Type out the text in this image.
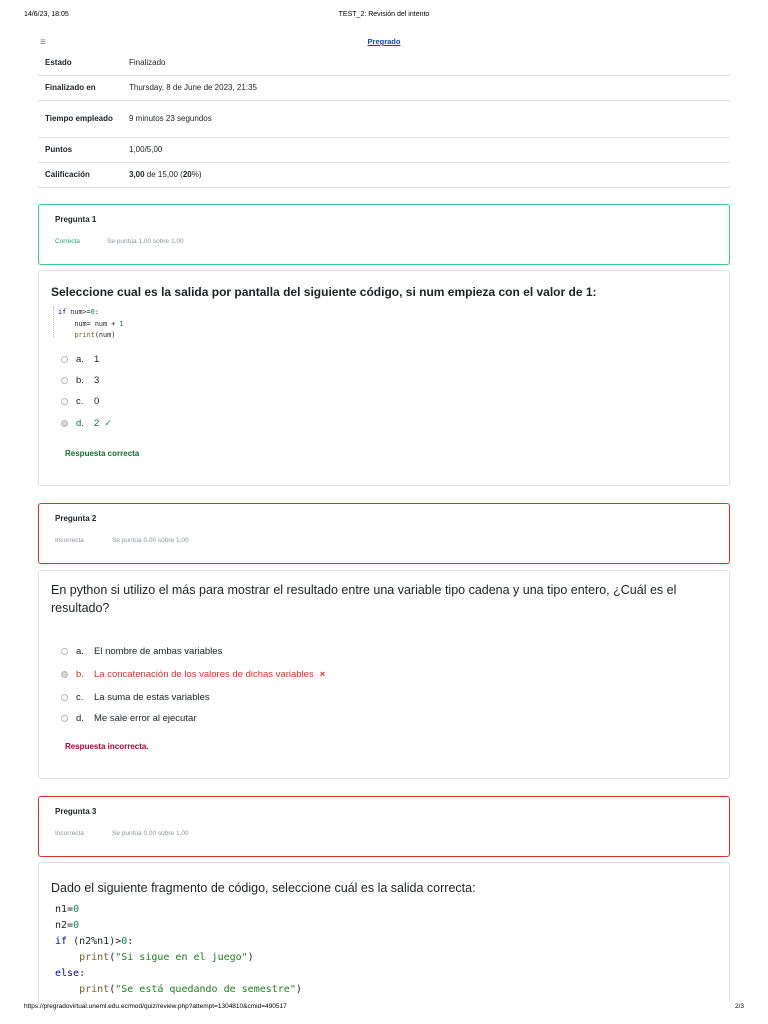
14/6/23, 18:05	TEST_2: Revisión del intento
≡	Pregrado
Estado	Finalizado
Finalizado en	Thursday, 8 de June de 2023, 21:35
Tiempo empleado	9 minutos 23 segundos
Puntos	1,00/5,00
Calificación	3,00 de 15,00 (20%)
Pregunta 1
Correcta	Se puntúa 1,00 sobre 1,00
Seleccione cual es la salida por pantalla del siguiente código, si num empieza con el valor de 1:
if num>=0:
num= num + 1
print(num)
a.	1
b.	3
c.	0
d.	2 ✓
Respuesta correcta
Pregunta 2
Incorrecta	Se puntúa 0,00 sobre 1,00
En python si utilizo el más para mostrar el resultado entre una variable tipo cadena y una tipo entero, ¿Cuál es el resultado?
a.	El nombre de ambas variables
b.	La concatenación de los valores de dichas variables ×
c.	La suma de estas variables
d.	Me sale error al ejecutar
Respuesta incorrecta.
Pregunta 3
Incorrecta	Se puntúa 0,00 sobre 1,00
Dado el siguiente fragmento de código, seleccione cuál es la salida correcta:
n1=0
n2=0
if (n2%n1)>0:
print("Si sigue en el juego")
else:
print("Se está quedando de semestre")
https://pregradovirtual.uneml.edu.ec/mod/quiz/review.php?attempt=1304810&cmid=490517	2/3
